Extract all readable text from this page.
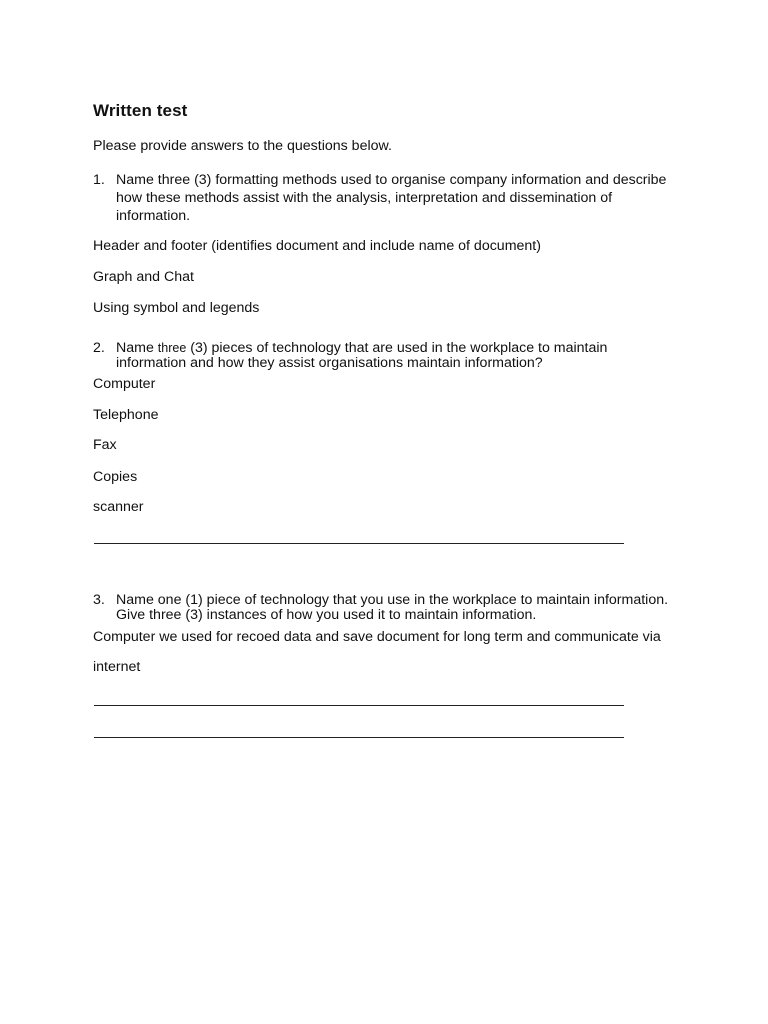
Written test
Please provide answers to the questions below.
1. Name three (3) formatting methods used to organise company information and describe
how these methods assist with the analysis, interpretation and dissemination of
information.
Header and footer (identifies document and include name of document)
Graph and Chat
Using symbol and legends
2. Name three (3) pieces of technology that are used in the workplace to maintain
information and how they assist organisations maintain information?
Computer
Telephone
Fax
Copies
scanner
3. Name one (1) piece of technology that you use in the workplace to maintain information.
Give three (3) instances of how you used it to maintain information.
Computer we used for recoed data and save document for long term and communicate via
internet
